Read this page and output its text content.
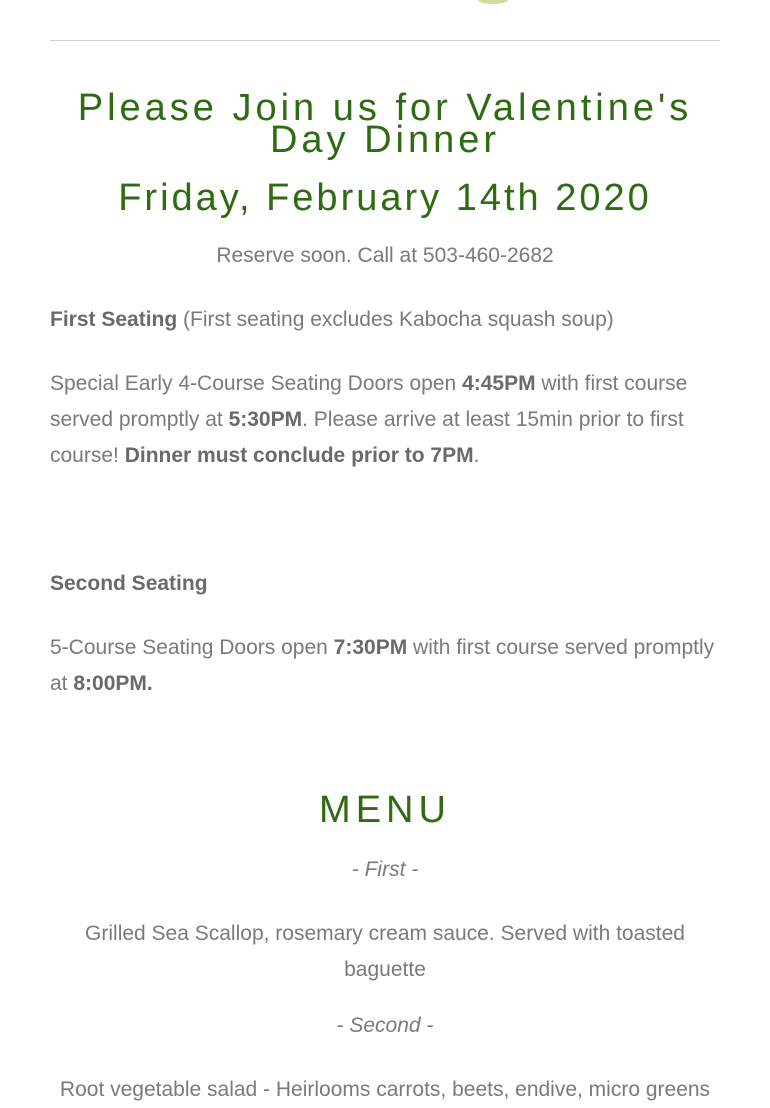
Please Join us for Valentine's Day Dinner
Friday, February 14th 2020
Reserve soon. Call at 503-460-2682

First Seating (First seating excludes Kabocha squash soup)

Special Early 4-Course Seating Doors open 4:45PM with first course served promptly at 5:30PM. Please arrive at least 15min prior to first course! Dinner must conclude prior to 7PM.

Second Seating

5-Course Seating Doors open 7:30PM with first course served promptly at 8:00PM.

MENU
- First -
Grilled Sea Scallop, rosemary cream sauce. Served with toasted baguette
- Second -
Root vegetable salad - Heirlooms carrots, beets, endive, micro greens
